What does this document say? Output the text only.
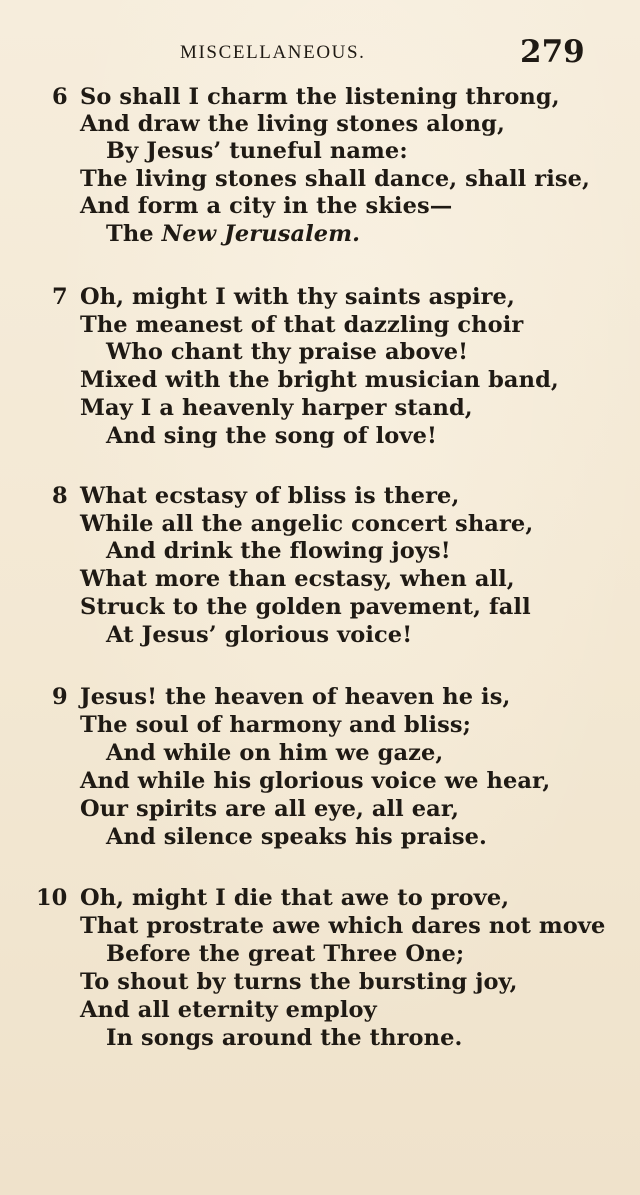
MISCELLANEOUS.	279
6 So shall I charm the listening throng,
And draw the living stones along,
By Jesus’ tuneful name:
The living stones shall dance, shall rise,
And form a city in the skies—
The New Jerusalem.
7 Oh, might I with thy saints aspire,
The meanest of that dazzling choir
Who chant thy praise above!
Mixed with the bright musician band,
May I a heavenly harper stand,
And sing the song of love!
8 What ecstasy of bliss is there,
While all the angelic concert share,
And drink the flowing joys!
What more than ecstasy, when all,
Struck to the golden pavement, fall
At Jesus’ glorious voice!
9 Jesus! the heaven of heaven he is,
The soul of harmony and bliss;
And while on him we gaze,
And while his glorious voice we hear,
Our spirits are all eye, all ear,
And silence speaks his praise.
10 Oh, might I die that awe to prove,
That prostrate awe which dares not move
Before the great Three One;
To shout by turns the bursting joy,
And all eternity employ
In songs around the throne.
